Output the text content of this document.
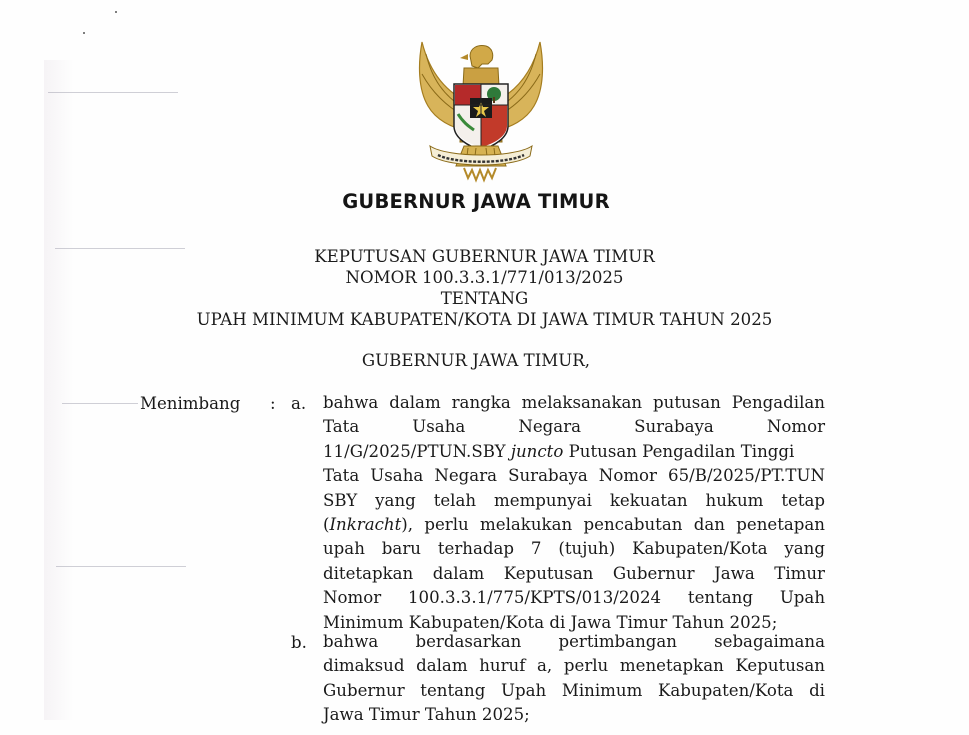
GUBERNUR JAWA TIMUR
KEPUTUSAN GUBERNUR JAWA TIMUR
NOMOR 100.3.3.1/771/013/2025
TENTANG
UPAH MINIMUM KABUPATEN/KOTA DI JAWA TIMUR TAHUN 2025
GUBERNUR JAWA TIMUR,
Menimbang : a. bahwa dalam rangka melaksanakan putusan Pengadilan
Tata	Usaha	Negara	Surabaya	Nomor
11/G/2025/PTUN.SBY juncto Putusan Pengadilan Tinggi
Tata Usaha Negara Surabaya Nomor 65/B/2025/PT.TUN
SBY yang telah mempunyai kekuatan hukum tetap
(Inkracht), perlu melakukan pencabutan dan penetapan
upah baru terhadap 7 (tujuh) Kabupaten/Kota yang
ditetapkan dalam Keputusan Gubernur Jawa Timur
Nomor 100.3.3.1/775/KPTS/013/2024 tentang Upah
Minimum Kabupaten/Kota di Jawa Timur Tahun 2025;
b. bahwa berdasarkan pertimbangan sebagaimana
dimaksud dalam huruf a, perlu menetapkan Keputusan
Gubernur tentang Upah Minimum Kabupaten/Kota di
Jawa Timur Tahun 2025;
